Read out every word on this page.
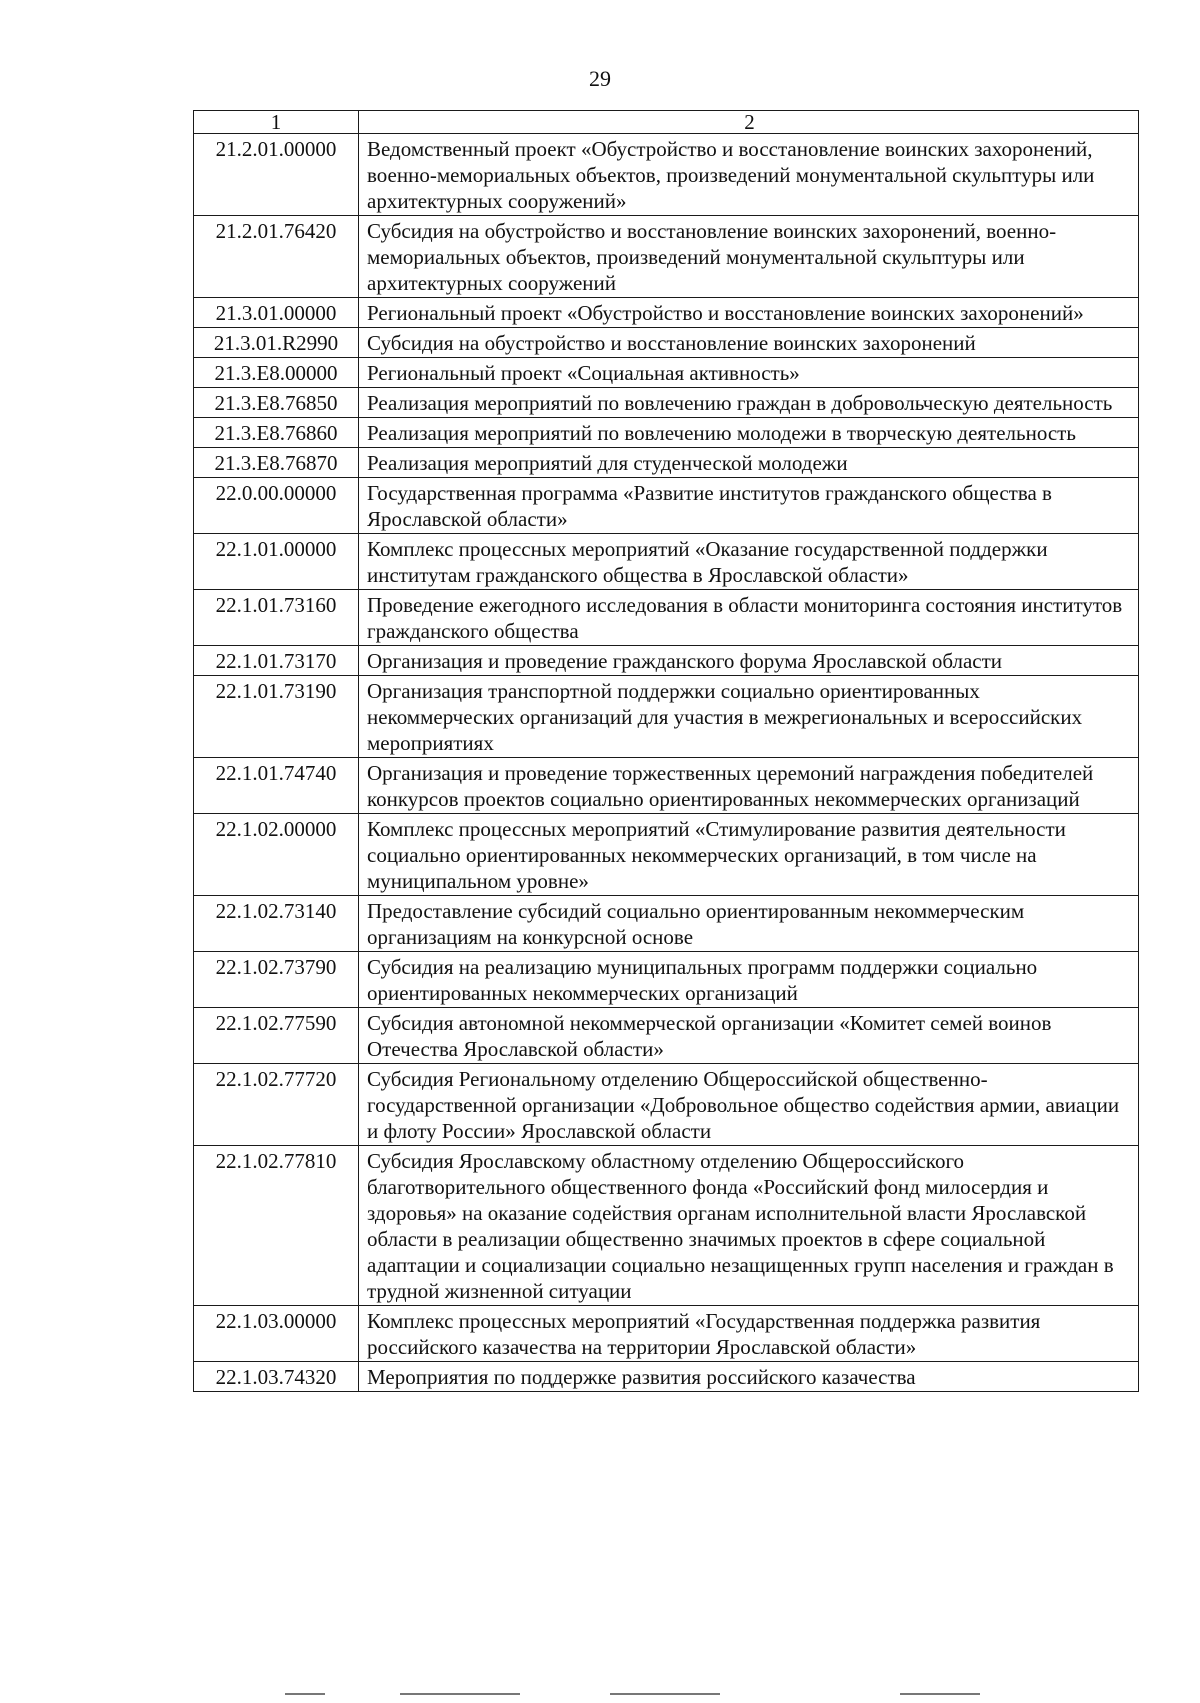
29
1	2
21.2.01.00000	Ведомственный проект «Обустройство и восстановление воинских захоронений, военно-мемориальных объектов, произведений монументальной скульптуры или архитектурных сооружений»
21.2.01.76420	Субсидия на обустройство и восстановление воинских захоронений, военно-мемориальных объектов, произведений монументальной скульптуры или архитектурных сооружений
21.3.01.00000	Региональный проект «Обустройство и восстановление воинских захоронений»
21.3.01.R2990	Субсидия на обустройство и восстановление воинских захоронений
21.3.E8.00000	Региональный проект «Социальная активность»
21.3.E8.76850	Реализация мероприятий по вовлечению граждан в добровольческую деятельность
21.3.E8.76860	Реализация мероприятий по вовлечению молодежи в творческую деятельность
21.3.E8.76870	Реализация мероприятий для студенческой молодежи
22.0.00.00000	Государственная программа «Развитие институтов гражданского общества в Ярославской области»
22.1.01.00000	Комплекс процессных мероприятий «Оказание государственной поддержки институтам гражданского общества в Ярославской области»
22.1.01.73160	Проведение ежегодного исследования в области мониторинга состояния институтов гражданского общества
22.1.01.73170	Организация и проведение гражданского форума Ярославской области
22.1.01.73190	Организация транспортной поддержки социально ориентированных некоммерческих организаций для участия в межрегиональных и всероссийских мероприятиях
22.1.01.74740	Организация и проведение торжественных церемоний награждения победителей конкурсов проектов социально ориентированных некоммерческих организаций
22.1.02.00000	Комплекс процессных мероприятий «Стимулирование развития деятельности социально ориентированных некоммерческих организаций, в том числе на муниципальном уровне»
22.1.02.73140	Предоставление субсидий социально ориентированным некоммерческим организациям на конкурсной основе
22.1.02.73790	Субсидия на реализацию муниципальных программ поддержки социально ориентированных некоммерческих организаций
22.1.02.77590	Субсидия автономной некоммерческой организации «Комитет семей воинов Отечества Ярославской области»
22.1.02.77720	Субсидия Региональному отделению Общероссийской общественно-государственной организации «Добровольное общество содействия армии, авиации и флоту России» Ярославской области
22.1.02.77810	Субсидия Ярославскому областному отделению Общероссийского благотворительного общественного фонда «Российский фонд милосердия и здоровья» на оказание содействия органам исполнительной власти Ярославской области в реализации общественно значимых проектов в сфере социальной адаптации и социализации социально незащищенных групп населения и граждан в трудной жизненной ситуации
22.1.03.00000	Комплекс процессных мероприятий «Государственная поддержка развития российского казачества на территории Ярославской области»
22.1.03.74320	Мероприятия по поддержке развития российского казачества
